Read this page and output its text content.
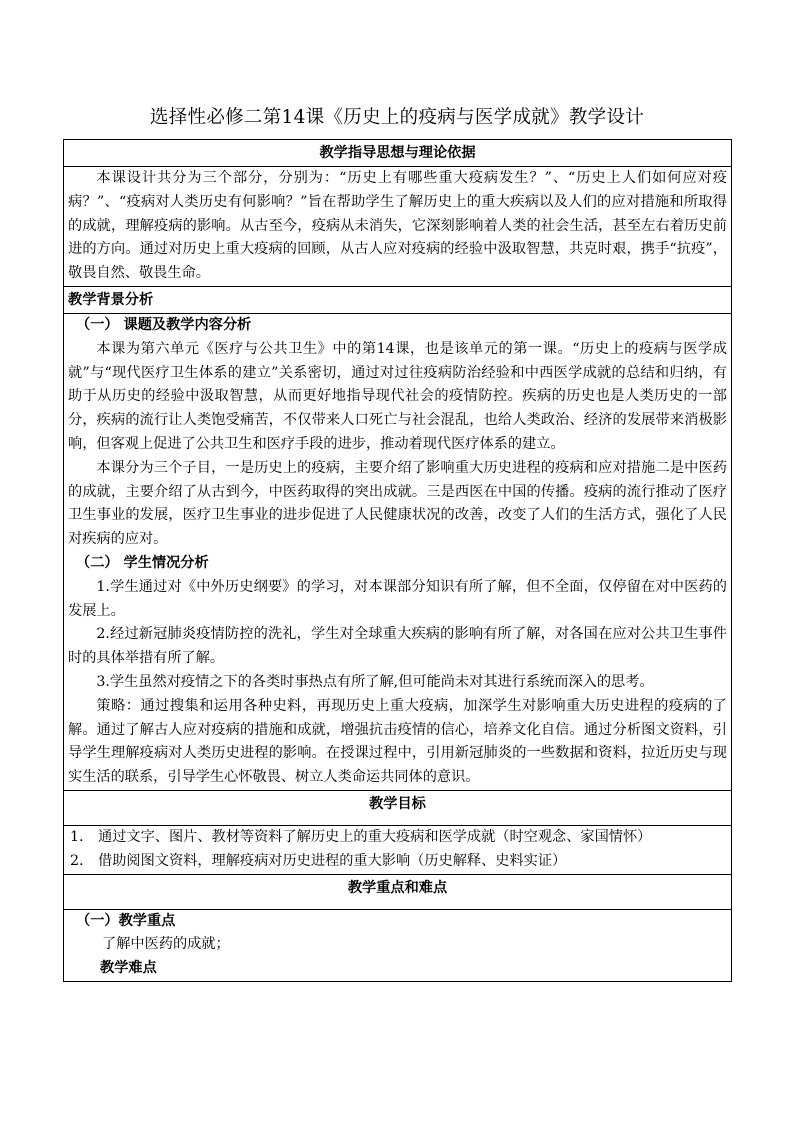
选择性必修二第14课《历史上的疫病与医学成就》教学设计
教学指导思想与理论依据

本课设计共分为三个部分，分别为：“历史上有哪些重大疫病发生？”、“历史上人们如何应对疫病？”、“疫病对人类历史有何影响？”旨在帮助学生了解历史上的重大疾病以及人们的应对措施和所取得的成就，理解疫病的影响。从古至今，疫病从未消失，它深刻影响着人类的社会生活，甚至左右着历史前进的方向。通过对历史上重大疫病的回顾，从古人应对疫病的经验中汲取智慧，共克时艰，携手“抗疫”，敬畏自然、敬畏生命。

教学背景分析

（一） 课题及教学内容分析

本课为第六单元《医疗与公共卫生》中的第14课，也是该单元的第一课。“历史上的疫病与医学成就”与“现代医疗卫生体系的建立”关系密切，通过对过往疫病防治经验和中西医学成就的总结和归纳，有助于从历史的经验中汲取智慧，从而更好地指导现代社会的疫情防控。疾病的历史也是人类历史的一部分，疾病的流行让人类饱受痛苦，不仅带来人口死亡与社会混乱，也给人类政治、经济的发展带来消极影响，但客观上促进了公共卫生和医疗手段的进步，推动着现代医疗体系的建立。

本课分为三个子目，一是历史上的疫病，主要介绍了影响重大历史进程的疫病和应对措施二是中医药的成就，主要介绍了从古到今，中医药取得的突出成就。三是西医在中国的传播。疫病的流行推动了医疗卫生事业的发展，医疗卫生事业的进步促进了人民健康状况的改善，改变了人们的生活方式，强化了人民对疾病的应对。

（二） 学生情况分析

1.学生通过对《中外历史纲要》的学习，对本课部分知识有所了解，但不全面，仅停留在对中医药的发展上。

2.经过新冠肺炎疫情防控的洗礼，学生对全球重大疾病的影响有所了解，对各国在应对公共卫生事件时的具体举措有所了解。

3.学生虽然对疫情之下的各类时事热点有所了解,但可能尚未对其进行系统而深入的思考。

策略：通过搜集和运用各种史料，再现历史上重大疫病，加深学生对影响重大历史进程的疫病的了解。通过了解古人应对疫病的措施和成就，增强抗击疫情的信心，培养文化自信。通过分析图文资料，引导学生理解疫病对人类历史进程的影响。在授课过程中，引用新冠肺炎的一些数据和资料，拉近历史与现实生活的联系，引导学生心怀敬畏、树立人类命运共同体的意识。

教学目标

1.	通过文字、图片、教材等资料了解历史上的重大疫病和医学成就（时空观念、家国情怀）
2.	借助阅图文资料，理解疫病对历史进程的重大影响（历史解释、史料实证）

教学重点和难点

（一）教学重点

了解中医药的成就；

教学难点
